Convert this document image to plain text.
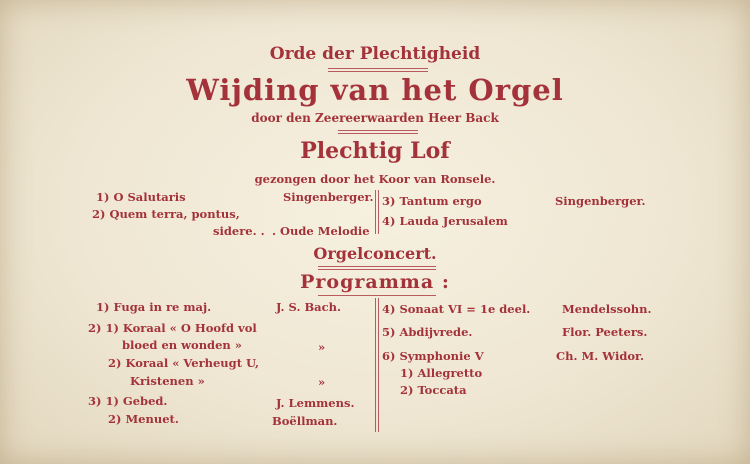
Orde der Plechtigheid
Wijding van het Orgel
door den Zeereerwaarden Heer Back
Plechtig Lof
gezongen door het Koor van Ronsele.
1) O Salutaris	Singenberger.
2) Quem terra, pontus,
sidere. . . Oude Melodie
3) Tantum ergo	Singenberger.
4) Lauda Jerusalem
Orgelconcert.
Programma :
1) Fuga in re maj.	J. S. Bach.
2) 1) Koraal « O Hoofd vol
bloed en wonden »	»
2) Koraal « Verheugt U,
Kristenen »	»
3) 1) Gebed.	J. Lemmens.
2) Menuet.	Boëllman.
4) Sonaat VI = 1e deel.	Mendelssohn.
5) Abdijvrede.	Flor. Peeters.
6) Symphonie V	Ch. M. Widor.
1) Allegretto
2) Toccata
